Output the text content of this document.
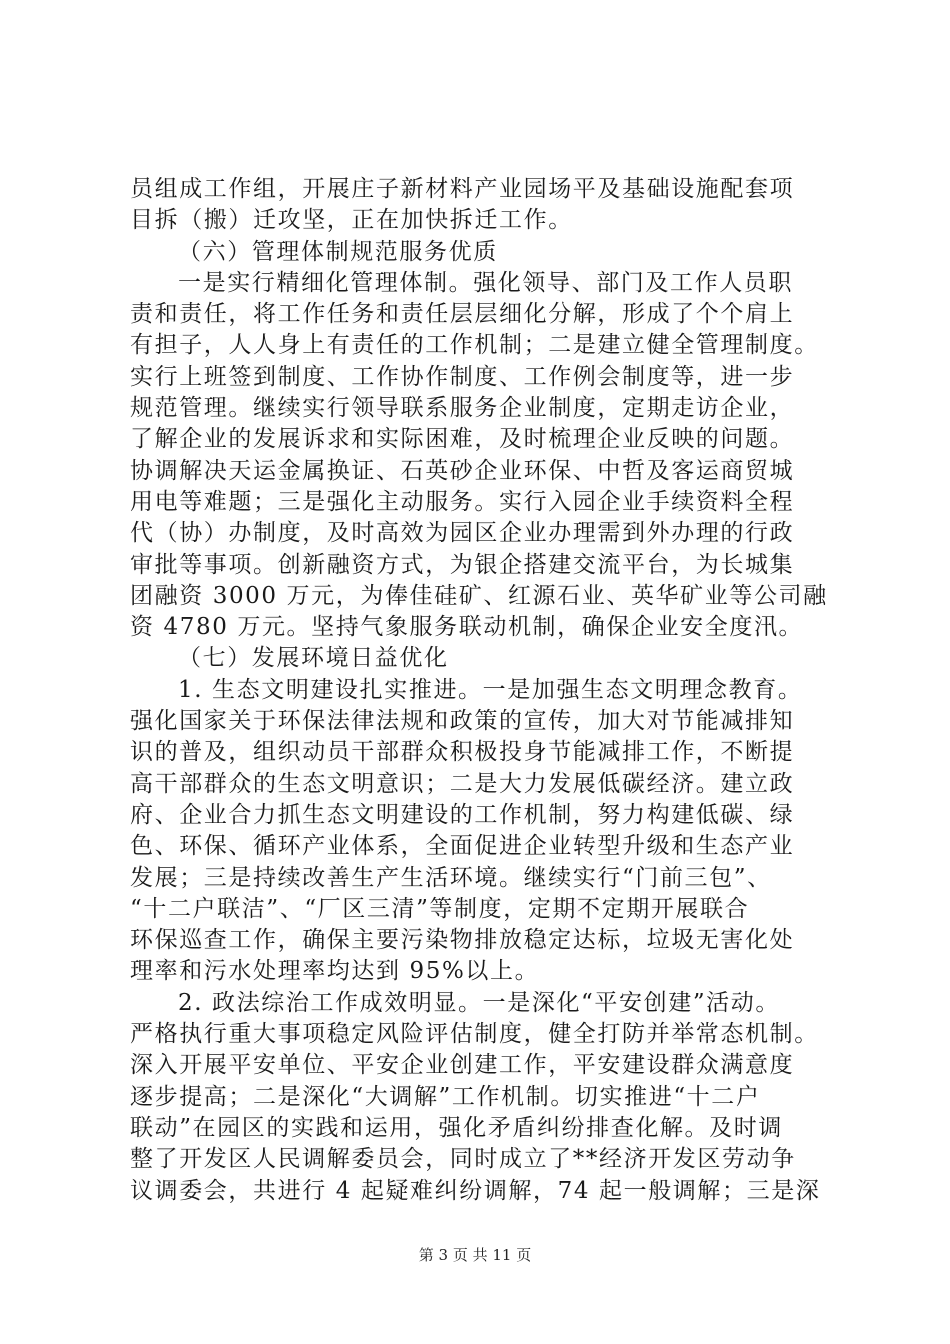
员组成工作组，开展庄子新材料产业园场平及基础设施配套项
目拆（搬）迁攻坚，正在加快拆迁工作。
（六）管理体制规范服务优质
一是实行精细化管理体制。强化领导、部门及工作人员职
责和责任，将工作任务和责任层层细化分解，形成了个个肩上
有担子，人人身上有责任的工作机制；二是建立健全管理制度。
实行上班签到制度、工作协作制度、工作例会制度等，进一步
规范管理。继续实行领导联系服务企业制度，定期走访企业，
了解企业的发展诉求和实际困难，及时梳理企业反映的问题。
协调解决天运金属换证、石英砂企业环保、中哲及客运商贸城
用电等难题；三是强化主动服务。实行入园企业手续资料全程
代（协）办制度，及时高效为园区企业办理需到外办理的行政
审批等事项。创新融资方式，为银企搭建交流平台，为长城集
团融资 3000 万元，为俸佳硅矿、红源石业、英华矿业等公司融
资 4780 万元。坚持气象服务联动机制，确保企业安全度汛。
（七）发展环境日益优化
1. 生态文明建设扎实推进。一是加强生态文明理念教育。
强化国家关于环保法律法规和政策的宣传，加大对节能减排知
识的普及，组织动员干部群众积极投身节能减排工作，不断提
高干部群众的生态文明意识；二是大力发展低碳经济。建立政
府、企业合力抓生态文明建设的工作机制，努力构建低碳、绿
色、环保、循环产业体系，全面促进企业转型升级和生态产业
发展；三是持续改善生产生活环境。继续实行“门前三包”、
“十二户联洁”、“厂区三清”等制度，定期不定期开展联合
环保巡查工作，确保主要污染物排放稳定达标，垃圾无害化处
理率和污水处理率均达到 95%以上。
2. 政法综治工作成效明显。一是深化“平安创建”活动。
严格执行重大事项稳定风险评估制度，健全打防并举常态机制。
深入开展平安单位、平安企业创建工作，平安建设群众满意度
逐步提高；二是深化“大调解”工作机制。切实推进“十二户
联动”在园区的实践和运用，强化矛盾纠纷排查化解。及时调
整了开发区人民调解委员会，同时成立了**经济开发区劳动争
议调委会，共进行 4 起疑难纠纷调解，74 起一般调解；三是深
第 3 页 共 11 页
